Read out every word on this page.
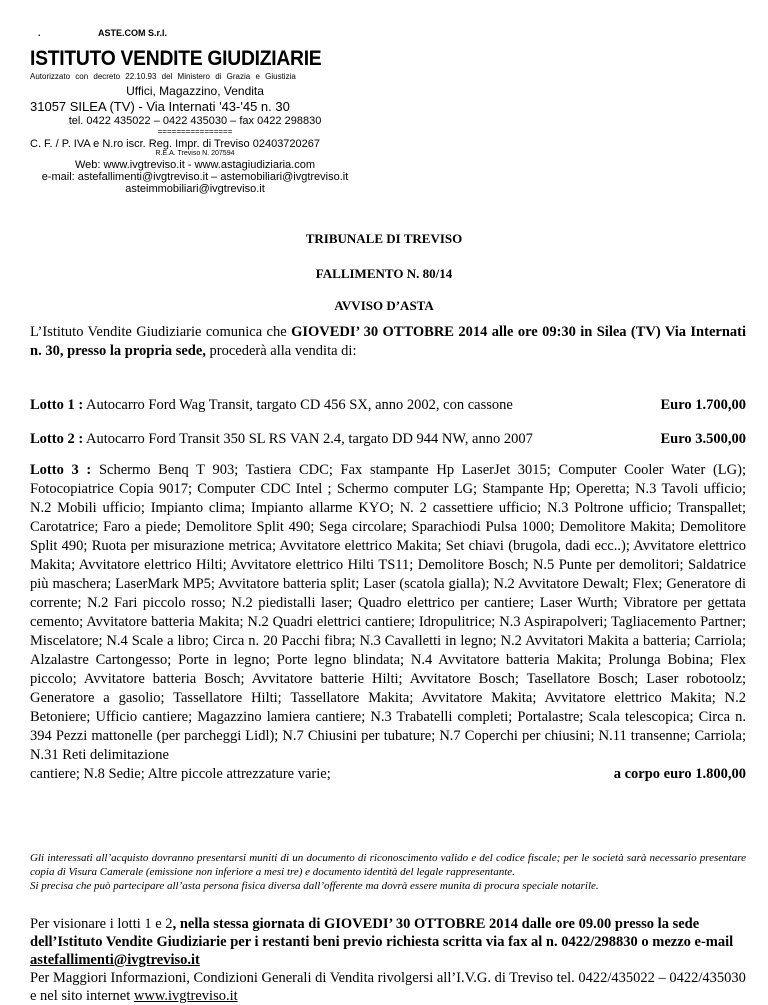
.	ASTE.COM S.r.l.
ISTITUTO VENDITE GIUDIZIARIE
Autorizzato con decreto 22.10.93 del Ministero di Grazia e Giustizia
Uffici, Magazzino, Vendita
31057 SILEA (TV) - Via Internati '43-'45 n. 30
tel. 0422 435022 – 0422 435030 – fax 0422 298830
================
C. F. / P. IVA e N.ro iscr. Reg. Impr. di Treviso 02403720267
R.E.A. Treviso N. 207594
Web: www.ivgtreviso.it - www.astagiudiziaria.com
e-mail: astefallimenti@ivgtreviso.it – astemobiliari@ivgtreviso.it
asteimmobiliari@ivgtreviso.it
TRIBUNALE DI TREVISO
FALLIMENTO N. 80/14
AVVISO D’ASTA
L’Istituto Vendite Giudiziarie comunica che GIOVEDI’ 30 OTTOBRE 2014 alle ore 09:30 in Silea (TV) Via Internati n. 30, presso la propria sede, procederà alla vendita di:
Lotto 1 : Autocarro Ford Wag Transit, targato CD 456 SX, anno 2002, con cassone	Euro 1.700,00
Lotto 2 : Autocarro Ford Transit 350 SL RS VAN 2.4, targato DD 944 NW, anno 2007	Euro 3.500,00
Lotto 3 : Schermo Benq T 903; Tastiera CDC; Fax stampante Hp LaserJet 3015; Computer Cooler Water (LG); Fotocopiatrice Copia 9017; Computer CDC Intel ; Schermo computer LG; Stampante Hp; Operetta; N.3 Tavoli ufficio; N.2 Mobili ufficio; Impianto clima; Impianto allarme KYO; N. 2 cassettiere ufficio; N.3 Poltrone ufficio; Transpallet; Carotatrice; Faro a piede; Demolitore Split 490; Sega circolare; Sparachiodi Pulsa 1000; Demolitore Makita; Demolitore Split 490; Ruota per misurazione metrica; Avvitatore elettrico Makita; Set chiavi (brugola, dadi ecc..); Avvitatore elettrico Makita; Avvitatore elettrico Hilti; Avvitatore elettrico Hilti TS11; Demolitore Bosch; N.5 Punte per demolitori; Saldatrice più maschera; LaserMark MP5; Avvitatore batteria split; Laser (scatola gialla); N.2 Avvitatore Dewalt; Flex; Generatore di corrente; N.2 Fari piccolo rosso; N.2 piedistalli laser; Quadro elettrico per cantiere; Laser Wurth; Vibratore per gettata cemento; Avvitatore batteria Makita; N.2 Quadri elettrici cantiere; Idropulitrice; N.3 Aspirapolveri; Tagliacemento Partner; Miscelatore; N.4 Scale a libro; Circa n. 20 Pacchi fibra; N.3 Cavalletti in legno; N.2 Avvitatori Makita a batteria; Carriola; Alzalastre Cartongesso; Porte in legno; Porte legno blindata; N.4 Avvitatore batteria Makita; Prolunga Bobina; Flex piccolo; Avvitatore batteria Bosch; Avvitatore batterie Hilti; Avvitatore Bosch; Tasellatore Bosch; Laser robotoolz; Generatore a gasolio; Tassellatore Hilti; Tassellatore Makita; Avvitatore Makita; Avvitatore elettrico Makita; N.2 Betoniere; Ufficio cantiere; Magazzino lamiera cantiere; N.3 Trabatelli completi; Portalastre; Scala telescopica; Circa n. 394 Pezzi mattonelle (per parcheggi Lidl); N.7 Chiusini per tubature; N.7 Coperchi per chiusini; N.11 transenne; Carriola; N.31 Reti delimitazione
cantiere; N.8 Sedie; Altre piccole attrezzature varie;	a corpo euro 1.800,00
Gli interessati all’acquisto dovranno presentarsi muniti di un documento di riconoscimento valido e del codice fiscale; per le società sarà necessario presentare copia di Visura Camerale (emissione non inferiore a mesi tre) e documento identità del legale rappresentante.
Si precisa che può partecipare all’asta persona fisica diversa dall’offerente ma dovrà essere munita di procura speciale notarile.
Per visionare i lotti 1 e 2, nella stessa giornata di GIOVEDI’ 30 OTTOBRE 2014 dalle ore 09.00 presso la sede dell’Istituto Vendite Giudiziarie per i restanti beni previo richiesta scritta via fax al n. 0422/298830 o mezzo e-mail astefallimenti@ivgtreviso.it
Per Maggiori Informazioni, Condizioni Generali di Vendita rivolgersi all’I.V.G. di Treviso tel. 0422/435022 – 0422/435030 e nel sito internet www.ivgtreviso.it
